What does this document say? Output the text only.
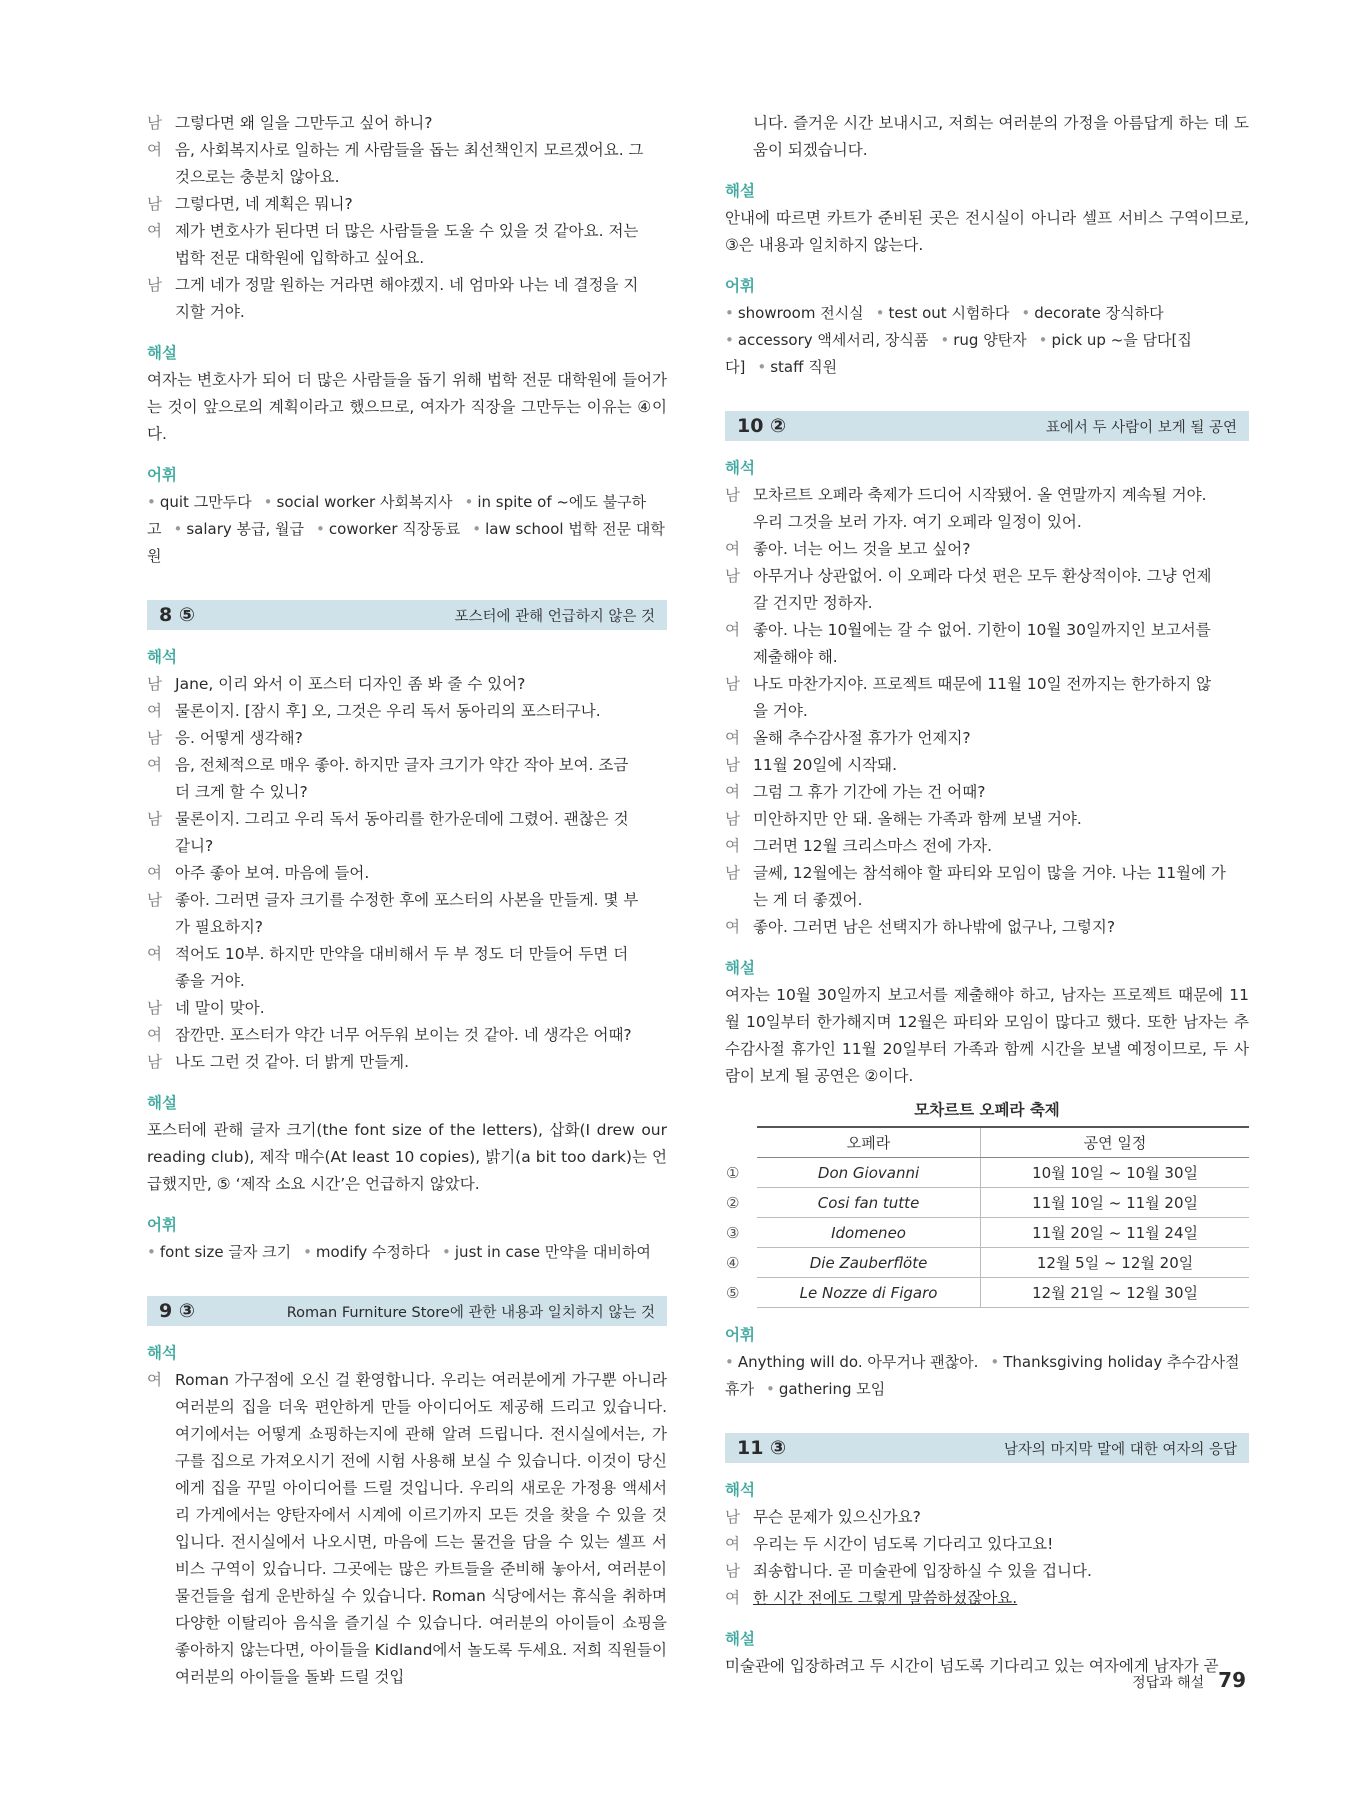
남 그렇다면 왜 일을 그만두고 싶어 하니?
여 음, 사회복지사로 일하는 게 사람들을 돕는 최선책인지 모르겠어요. 그
것으로는 충분치 않아요.
남 그렇다면, 네 계획은 뭐니?
여 제가 변호사가 된다면 더 많은 사람들을 도울 수 있을 것 같아요. 저는
법학 전문 대학원에 입학하고 싶어요.
남 그게 네가 정말 원하는 거라면 해야겠지. 네 엄마와 나는 네 결정을 지
지할 거야.
해설
여자는 변호사가 되어 더 많은 사람들을 돕기 위해 법학 전문 대학원에 들어가는 것이 앞으로의 계획이라고 했으므로, 여자가 직장을 그만두는 이유는 ④이다.
어휘
• quit 그만두다 • social worker 사회복지사 • in spite of ~에도 불구하고 • salary 봉급, 월급 • coworker 직장동료 • law school 법학 전문 대학원
8 ⑤	포스터에 관해 언급하지 않은 것
해석
남 Jane, 이리 와서 이 포스터 디자인 좀 봐 줄 수 있어?
여 물론이지. [잠시 후] 오, 그것은 우리 독서 동아리의 포스터구나.
남 응. 어떻게 생각해?
여 음, 전체적으로 매우 좋아. 하지만 글자 크기가 약간 작아 보여. 조금
더 크게 할 수 있니?
남 물론이지. 그리고 우리 독서 동아리를 한가운데에 그렸어. 괜찮은 것
같니?
여 아주 좋아 보여. 마음에 들어.
남 좋아. 그러면 글자 크기를 수정한 후에 포스터의 사본을 만들게. 몇 부
가 필요하지?
여 적어도 10부. 하지만 만약을 대비해서 두 부 정도 더 만들어 두면 더
좋을 거야.
남 네 말이 맞아.
여 잠깐만. 포스터가 약간 너무 어두워 보이는 것 같아. 네 생각은 어때?
남 나도 그런 것 같아. 더 밝게 만들게.
해설
포스터에 관해 글자 크기(the font size of the letters), 삽화(I drew our reading club), 제작 매수(At least 10 copies), 밝기(a bit too dark)는 언급했지만, ⑤ ‘제작 소요 시간’은 언급하지 않았다.
어휘
• font size 글자 크기 • modify 수정하다 • just in case 만약을 대비하여
9 ③	Roman Furniture Store에 관한 내용과 일치하지 않는 것
해석
여 Roman 가구점에 오신 걸 환영합니다. 우리는 여러분에게 가구뿐 아니라 여러분의 집을 더욱 편안하게 만들 아이디어도 제공해 드리고 있습니다. 여기에서는 어떻게 쇼핑하는지에 관해 알려 드립니다. 전시실에서는, 가구를 집으로 가져오시기 전에 시험 사용해 보실 수 있습니다. 이것이 당신에게 집을 꾸밀 아이디어를 드릴 것입니다. 우리의 새로운 가정용 액세서리 가게에서는 양탄자에서 시계에 이르기까지 모든 것을 찾을 수 있을 것입니다. 전시실에서 나오시면, 마음에 드는 물건을 담을 수 있는 셀프 서비스 구역이 있습니다. 그곳에는 많은 카트들을 준비해 놓아서, 여러분이 물건들을 쉽게 운반하실 수 있습니다. Roman 식당에서는 휴식을 취하며 다양한 이탈리아 음식을 즐기실 수 있습니다. 여러분의 아이들이 쇼핑을 좋아하지 않는다면, 아이들을 Kidland에서 놀도록 두세요. 저희 직원들이 여러분의 아이들을 돌봐 드릴 것입
니다. 즐거운 시간 보내시고, 저희는 여러분의 가정을 아름답게 하는 데 도움이 되겠습니다.
해설
안내에 따르면 카트가 준비된 곳은 전시실이 아니라 셀프 서비스 구역이므로, ③은 내용과 일치하지 않는다.
어휘
• showroom 전시실 • test out 시험하다 • decorate 장식하다• accessory 액세서리, 장식품 • rug 양탄자 • pick up ~을 담다[집다] • staff 직원
10 ②	표에서 두 사람이 보게 될 공연
해석
남 모차르트 오페라 축제가 드디어 시작됐어. 올 연말까지 계속될 거야.
우리 그것을 보러 가자. 여기 오페라 일정이 있어.
여 좋아. 너는 어느 것을 보고 싶어?
남 아무거나 상관없어. 이 오페라 다섯 편은 모두 환상적이야. 그냥 언제
갈 건지만 정하자.
여 좋아. 나는 10월에는 갈 수 없어. 기한이 10월 30일까지인 보고서를
제출해야 해.
남 나도 마찬가지야. 프로젝트 때문에 11월 10일 전까지는 한가하지 않
을 거야.
여 올해 추수감사절 휴가가 언제지?
남 11월 20일에 시작돼.
여 그럼 그 휴가 기간에 가는 건 어때?
남 미안하지만 안 돼. 올해는 가족과 함께 보낼 거야.
여 그러면 12월 크리스마스 전에 가자.
남 글쎄, 12월에는 참석해야 할 파티와 모임이 많을 거야. 나는 11월에 가
는 게 더 좋겠어.
여 좋아. 그러면 남은 선택지가 하나밖에 없구나, 그렇지?
해설
여자는 10월 30일까지 보고서를 제출해야 하고, 남자는 프로젝트 때문에 11월 10일부터 한가해지며 12월은 파티와 모임이 많다고 했다. 또한 남자는 추수감사절 휴가인 11월 20일부터 가족과 함께 시간을 보낼 예정이므로, 두 사람이 보게 될 공연은 ②이다.
모차르트 오페라 축제
	오페라	공연 일정
①	Don Giovanni	10월 10일 ~ 10월 30일
②	Cosi fan tutte	11월 10일 ~ 11월 20일
③	Idomeneo	11월 20일 ~ 11월 24일
④	Die Zauberflöte	12월 5일 ~ 12월 20일
⑤	Le Nozze di Figaro	12월 21일 ~ 12월 30일
어휘
• Anything will do. 아무거나 괜찮아. • Thanksgiving holiday 추수감사절 휴가 • gathering 모임
11 ③	남자의 마지막 말에 대한 여자의 응답
해석
남 무슨 문제가 있으신가요?
여 우리는 두 시간이 넘도록 기다리고 있다고요!
남 죄송합니다. 곧 미술관에 입장하실 수 있을 겁니다.
여 한 시간 전에도 그렇게 말씀하셨잖아요.
해설
미술관에 입장하려고 두 시간이 넘도록 기다리고 있는 여자에게 남자가 곧
정답과 해설 79
